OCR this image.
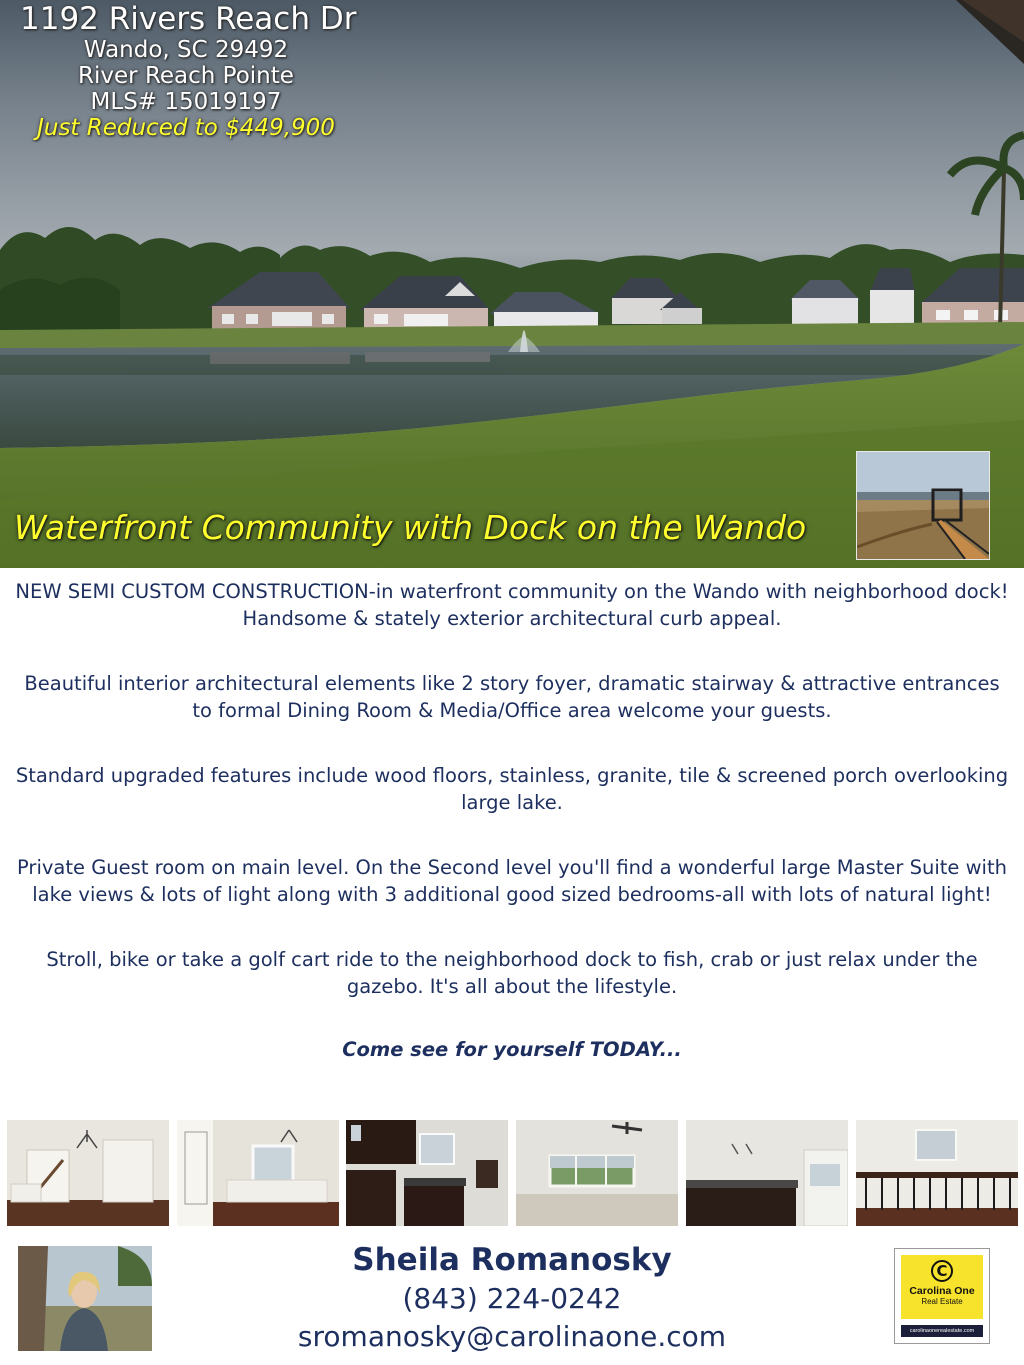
1192 Rivers Reach Dr
Wando, SC 29492
River Reach Pointe
MLS# 15019197
Just Reduced to $449,900
Waterfront Community with Dock on the Wando

NEW SEMI CUSTOM CONSTRUCTION-in waterfront community on the Wando with neighborhood dock! Handsome & stately exterior architectural curb appeal.

Beautiful interior architectural elements like 2 story foyer, dramatic stairway & attractive entrances to formal Dining Room & Media/Office area welcome your guests.

Standard upgraded features include wood floors, stainless, granite, tile & screened porch overlooking large lake.

Private Guest room on main level. On the Second level you'll find a wonderful large Master Suite with lake views & lots of light along with 3 additional good sized bedrooms-all with lots of natural light!

Stroll, bike or take a golf cart ride to the neighborhood dock to fish, crab or just relax under the gazebo. It's all about the lifestyle.

Come see for yourself TODAY...

Sheila Romanosky
(843) 224-0242
sromanosky@carolinaone.com
C
Carolina One
Real Estate
carolinaonerealestate.com
